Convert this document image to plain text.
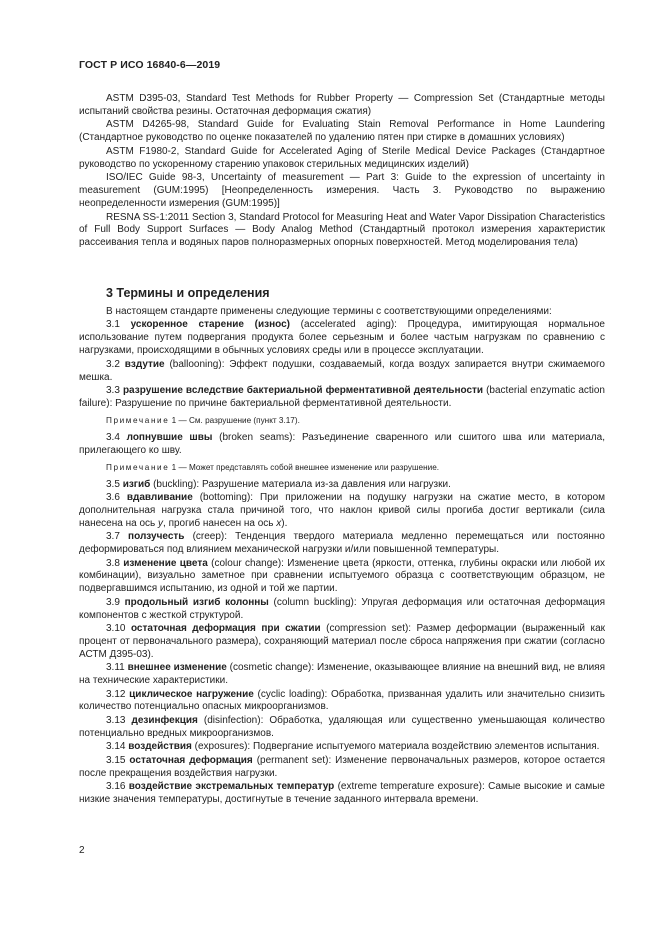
ГОСТ Р ИСО 16840-6—2019

ASTM D395-03, Standard Test Methods for Rubber Property — Compression Set (Стандартные методы испытаний свойства резины. Остаточная деформация сжатия)

ASTM D4265-98, Standard Guide for Evaluating Stain Removal Performance in Home Laundering (Стандартное руководство по оценке показателей по удалению пятен при стирке в домашних условиях)

ASTM F1980-2, Standard Guide for Accelerated Aging of Sterile Medical Device Packages (Стандартное руководство по ускоренному старению упаковок стерильных медицинских изделий)

ISO/IEC Guide 98-3, Uncertainty of measurement — Part 3: Guide to the expression of uncertainty in measurement (GUM:1995) [Неопределенность измерения. Часть 3. Руководство по выражению неопределенности измерения (GUM:1995)]

RESNA SS-1:2011 Section 3, Standard Protocol for Measuring Heat and Water Vapor Dissipation Characteristics of Full Body Support Surfaces — Body Analog Method (Стандартный протокол измерения характеристик рассеивания тепла и водяных паров полноразмерных опорных поверхностей. Метод моделирования тела)

3 Термины и определения

В настоящем стандарте применены следующие термины с соответствующими определениями:

3.1 ускоренное старение (износ) (accelerated aging): Процедура, имитирующая нормальное использование путем подвергания продукта более серьезным и более частым нагрузкам по сравнению с нагрузками, происходящими в обычных условиях среды или в процессе эксплуатации.

3.2 вздутие (ballooning): Эффект подушки, создаваемый, когда воздух запирается внутри сжимаемого мешка.

3.3 разрушение вследствие бактериальной ферментативной деятельности (bacterial enzymatic action failure): Разрушение по причине бактериальной ферментативной деятельности.

Примечание 1 — См. разрушение (пункт 3.17).

3.4 лопнувшие швы (broken seams): Разъединение сваренного или сшитого шва или материала, прилегающего ко шву.

Примечание 1 — Может представлять собой внешнее изменение или разрушение.

3.5 изгиб (buckling): Разрушение материала из-за давления или нагрузки.

3.6 вдавливание (bottoming): При приложении на подушку нагрузки на сжатие место, в котором дополнительная нагрузка стала причиной того, что наклон кривой силы прогиба достиг вертикали (сила нанесена на ось y, прогиб нанесен на ось x).

3.7 ползучесть (creep): Тенденция твердого материала медленно перемещаться или постоянно деформироваться под влиянием механической нагрузки и/или повышенной температуры.

3.8 изменение цвета (colour change): Изменение цвета (яркости, оттенка, глубины окраски или любой их комбинации), визуально заметное при сравнении испытуемого образца с соответствующим образцом, не подвергавшимся испытанию, из одной и той же партии.

3.9 продольный изгиб колонны (column buckling): Упругая деформация или остаточная деформация компонентов с жесткой структурой.

3.10 остаточная деформация при сжатии (compression set): Размер деформации (выраженный как процент от первоначального размера), сохраняющий материал после сброса напряжения при сжатии (согласно АСТМ Д395-03).

3.11 внешнее изменение (cosmetic change): Изменение, оказывающее влияние на внешний вид, не влияя на технические характеристики.

3.12 циклическое нагружение (cyclic loading): Обработка, призванная удалить или значительно снизить количество потенциально опасных микроорганизмов.

3.13 дезинфекция (disinfection): Обработка, удаляющая или существенно уменьшающая количество потенциально вредных микроорганизмов.

3.14 воздействия (exposures): Подвергание испытуемого материала воздействию элементов испытания.

3.15 остаточная деформация (permanent set): Изменение первоначальных размеров, которое остается после прекращения воздействия нагрузки.

3.16 воздействие экстремальных температур (extreme temperature exposure): Самые высокие и самые низкие значения температуры, достигнутые в течение заданного интервала времени.

2
